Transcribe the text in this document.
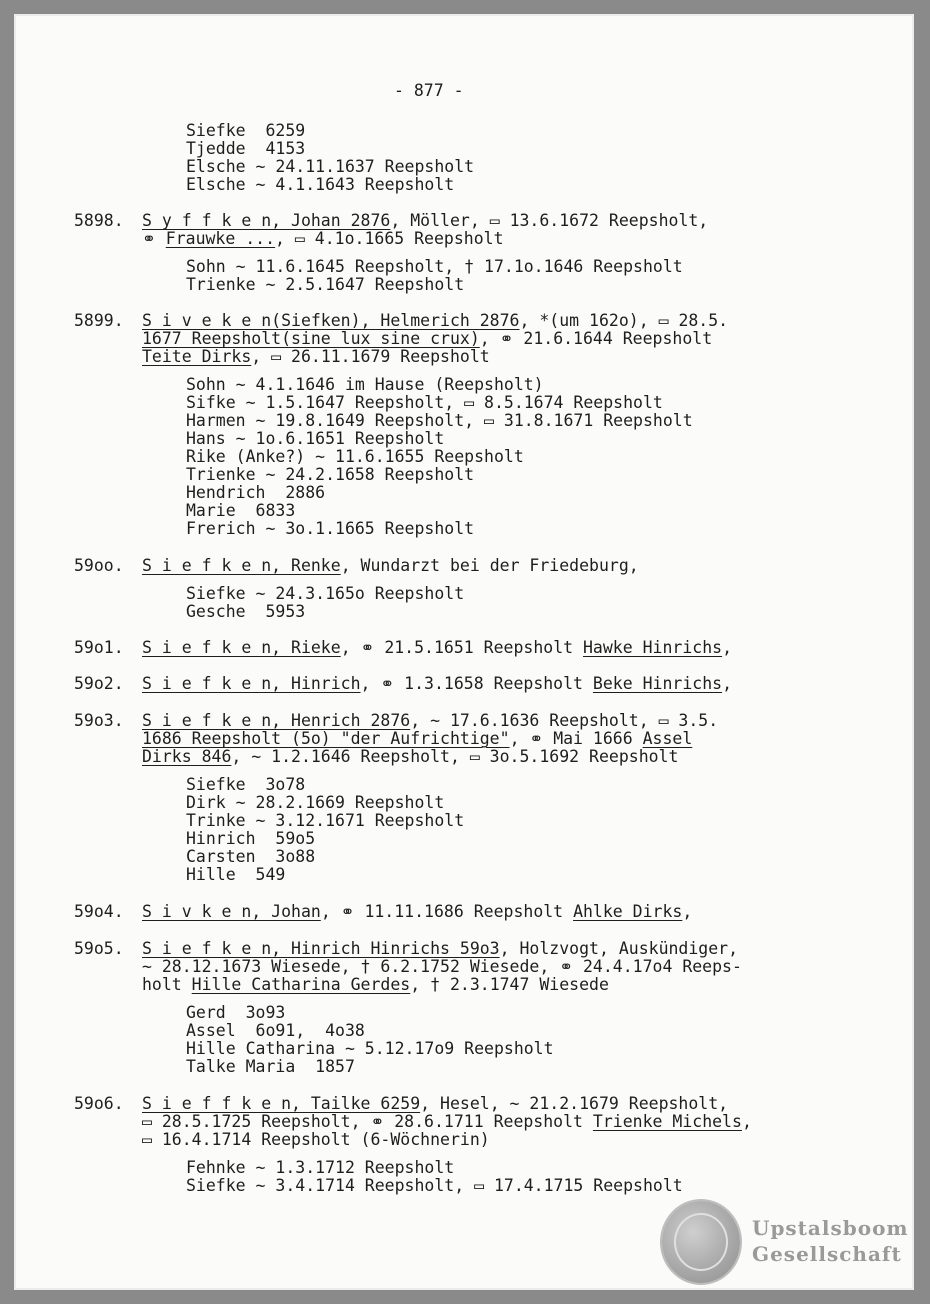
- 877 -
Siefke  6259
Tjedde  4153
Elsche ~ 24.11.1637 Reepsholt
Elsche ~ 4.1.1643 Reepsholt
5898. S y f f k e n, Johan 2876, Möller, ▭ 13.6.1672 Reepsholt,
⚭ Frauwke ..., ▭ 4.1o.1665 Reepsholt
Sohn ~ 11.6.1645 Reepsholt, † 17.1o.1646 Reepsholt
Trienke ~ 2.5.1647 Reepsholt
5899. S i v e k e n(Siefken), Helmerich 2876, *(um 162o), ▭ 28.5.
1677 Reepsholt(sine lux sine crux), ⚭ 21.6.1644 Reepsholt
Teite Dirks, ▭ 26.11.1679 Reepsholt
Sohn ~ 4.1.1646 im Hause (Reepsholt)
Sifke ~ 1.5.1647 Reepsholt, ▭ 8.5.1674 Reepsholt
Harmen ~ 19.8.1649 Reepsholt, ▭ 31.8.1671 Reepsholt
Hans ~ 1o.6.1651 Reepsholt
Rike (Anke?) ~ 11.6.1655 Reepsholt
Trienke ~ 24.2.1658 Reepsholt
Hendrich  2886
Marie  6833
Frerich ~ 3o.1.1665 Reepsholt
59oo. S i e f k e n, Renke, Wundarzt bei der Friedeburg,
Siefke ~ 24.3.165o Reepsholt
Gesche  5953
59o1. S i e f k e n, Rieke, ⚭ 21.5.1651 Reepsholt Hawke Hinrichs,
59o2. S i e f k e n, Hinrich, ⚭ 1.3.1658 Reepsholt Beke Hinrichs,
59o3. S i e f k e n, Henrich 2876, ~ 17.6.1636 Reepsholt, ▭ 3.5.
1686 Reepsholt (5o) "der Aufrichtige", ⚭ Mai 1666 Assel
Dirks 846, ~ 1.2.1646 Reepsholt, ▭ 3o.5.1692 Reepsholt
Siefke  3o78
Dirk ~ 28.2.1669 Reepsholt
Trinke ~ 3.12.1671 Reepsholt
Hinrich  59o5
Carsten  3o88
Hille  549
59o4. S i v k e n, Johan, ⚭ 11.11.1686 Reepsholt Ahlke Dirks,
59o5. S i e f k e n, Hinrich Hinrichs 59o3, Holzvogt, Auskündiger,
~ 28.12.1673 Wiesede, † 6.2.1752 Wiesede, ⚭ 24.4.17o4 Reeps-
holt Hille Catharina Gerdes, † 2.3.1747 Wiesede
Gerd  3o93
Assel  6o91,  4o38
Hille Catharina ~ 5.12.17o9 Reepsholt
Talke Maria  1857
59o6. S i e f f k e n, Tailke 6259, Hesel, ~ 21.2.1679 Reepsholt,
▭ 28.5.1725 Reepsholt, ⚭ 28.6.1711 Reepsholt Trienke Michels,
▭ 16.4.1714 Reepsholt (6-Wöchnerin)
Fehnke ~ 1.3.1712 Reepsholt
Siefke ~ 3.4.1714 Reepsholt, ▭ 17.4.1715 Reepsholt
Upstalsboom
Gesellschaft
